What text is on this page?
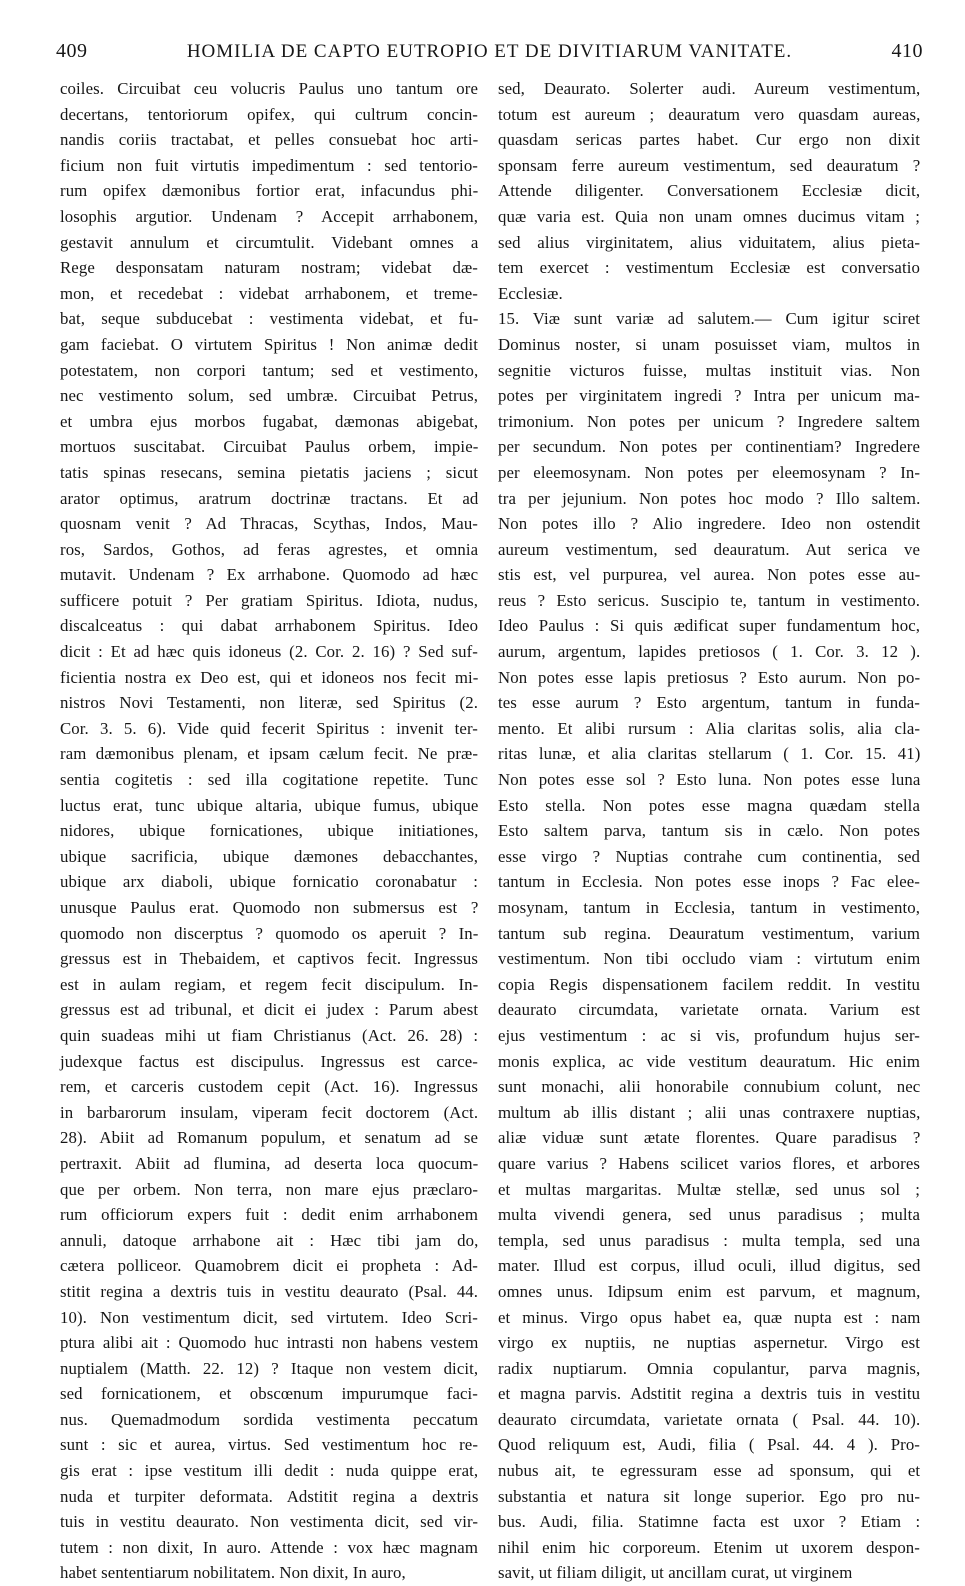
409	HOMILIA DE CAPTO EUTROPIO ET DE DIVITIARUM VANITATE.	410
coiles. Circuibat ceu volucris Paulus uno tantum ore
decertans, tentoriorum opifex, qui cultrum concin-
nandis coriis tractabat, et pelles consuebat hoc arti-
ficium non fuit virtutis impedimentum : sed tentorio-
rum opifex dæmonibus fortior erat, infacundus phi-
losophis argutior. Undenam ? Accepit arrhabonem,
gestavit annulum et circumtulit. Videbant omnes a
Rege desponsatam naturam nostram; videbat dæ-
mon, et recedebat : videbat arrhabonem, et treme-
bat, seque subducebat : vestimenta videbat, et fu-
gam faciebat. O virtutem Spiritus ! Non animæ dedit
potestatem, non corpori tantum; sed et vestimento,
nec vestimento solum, sed umbræ. Circuibat Petrus,
et umbra ejus morbos fugabat, dæmonas abigebat,
mortuos suscitabat. Circuibat Paulus orbem, impie-
tatis spinas resecans, semina pietatis jaciens ; sicut
arator optimus, aratrum doctrinæ tractans. Et ad
quosnam venit ? Ad Thracas, Scythas, Indos, Mau-
ros, Sardos, Gothos, ad feras agrestes, et omnia
mutavit. Undenam ? Ex arrhabone. Quomodo ad hæc
sufficere potuit ? Per gratiam Spiritus. Idiota, nudus,
discalceatus : qui dabat arrhabonem Spiritus. Ideo
dicit : Et ad hæc quis idoneus (2. Cor. 2. 16) ? Sed suf-
ficientia nostra ex Deo est, qui et idoneos nos fecit mi-
nistros Novi Testamenti, non literæ, sed Spiritus (2.
Cor. 3. 5. 6). Vide quid fecerit Spiritus : invenit ter-
ram dæmonibus plenam, et ipsam cælum fecit. Ne præ-
sentia cogitetis : sed illa cogitatione repetite. Tunc
luctus erat, tunc ubique altaria, ubique fumus, ubique
nidores, ubique fornicationes, ubique initiationes,
ubique sacrificia, ubique dæmones debacchantes,
ubique arx diaboli, ubique fornicatio coronabatur :
unusque Paulus erat. Quomodo non submersus est ?
quomodo non discerptus ? quomodo os aperuit ? In-
gressus est in Thebaidem, et captivos fecit. Ingressus
est in aulam regiam, et regem fecit discipulum. In-
gressus est ad tribunal, et dicit ei judex : Parum abest
quin suadeas mihi ut fiam Christianus (Act. 26. 28) :
judexque factus est discipulus. Ingressus est carce-
rem, et carceris custodem cepit (Act. 16). Ingressus
in barbarorum insulam, viperam fecit doctorem (Act.
28). Abiit ad Romanum populum, et senatum ad se
pertraxit. Abiit ad flumina, ad deserta loca quocum-
que per orbem. Non terra, non mare ejus præclaro-
rum officiorum expers fuit : dedit enim arrhabonem
annuli, datoque arrhabone ait : Hæc tibi jam do,
cætera polliceor. Quamobrem dicit ei propheta : Ad-
stitit regina a dextris tuis in vestitu deaurato (Psal. 44.
10). Non vestimentum dicit, sed virtutem. Ideo Scri-
ptura alibi ait : Quomodo huc intrasti non habens vestem
nuptialem (Matth. 22. 12) ? Itaque non vestem dicit,
sed fornicationem, et obscœnum impurumque faci-
nus. Quemadmodum sordida vestimenta peccatum
sunt : sic et aurea, virtus. Sed vestimentum hoc re-
gis erat : ipse vestitum illi dedit : nuda quippe erat,
nuda et turpiter deformata. Adstitit regina a dextris
tuis in vestitu deaurato. Non vestimenta dicit, sed vir-
tutem : non dixit, In auro. Attende : vox hæc magnam
habet sententiarum nobilitatem. Non dixit, In auro,
sed, Deaurato. Solerter audi. Aureum vestimentum,
totum est aureum ; deauratum vero quasdam aureas,
quasdam sericas partes habet. Cur ergo non dixit
sponsam ferre aureum vestimentum, sed deauratum ?
Attende diligenter. Conversationem Ecclesiæ dicit,
quæ varia est. Quia non unam omnes ducimus vitam ;
sed alius virginitatem, alius viduitatem, alius pieta-
tem exercet : vestimentum Ecclesiæ est conversatio
Ecclesiæ.
15. Viæ sunt variæ ad salutem.— Cum igitur sciret
Dominus noster, si unam posuisset viam, multos in
segnitie victuros fuisse, multas instituit vias. Non
potes per virginitatem ingredi ? Intra per unicum ma-
trimonium. Non potes per unicum ? Ingredere saltem
per secundum. Non potes per continentiam? Ingredere
per eleemosynam. Non potes per eleemosynam ? In-
tra per jejunium. Non potes hoc modo ? Illo saltem.
Non potes illo ? Alio ingredere. Ideo non ostendit
aureum vestimentum, sed deauratum. Aut serica ve
stis est, vel purpurea, vel aurea. Non potes esse au-
reus ? Esto sericus. Suscipio te, tantum in vestimento.
Ideo Paulus : Si quis ædificat super fundamentum hoc,
aurum, argentum, lapides pretiosos ( 1. Cor. 3. 12 ).
Non potes esse lapis pretiosus ? Esto aurum. Non po-
tes esse aurum ? Esto argentum, tantum in funda-
mento. Et alibi rursum : Alia claritas solis, alia cla-
ritas lunæ, et alia claritas stellarum ( 1. Cor. 15. 41)
Non potes esse sol ? Esto luna. Non potes esse luna
Esto stella. Non potes esse magna quædam stella
Esto saltem parva, tantum sis in cælo. Non potes
esse virgo ? Nuptias contrahe cum continentia, sed
tantum in Ecclesia. Non potes esse inops ? Fac elee-
mosynam, tantum in Ecclesia, tantum in vestimento,
tantum sub regina. Deauratum vestimentum, varium
vestimentum. Non tibi occludo viam : virtutum enim
copia Regis dispensationem facilem reddit. In vestitu
deaurato circumdata, varietate ornata. Varium est
ejus vestimentum : ac si vis, profundum hujus ser-
monis explica, ac vide vestitum deauratum. Hic enim
sunt monachi, alii honorabile connubium colunt, nec
multum ab illis distant ; alii unas contraxere nuptias,
aliæ viduæ sunt ætate florentes. Quare paradisus ?
quare varius ? Habens scilicet varios flores, et arbores
et multas margaritas. Multæ stellæ, sed unus sol ;
multa vivendi genera, sed unus paradisus ; multa
templa, sed unus paradisus : multa templa, sed una
mater. Illud est corpus, illud oculi, illud digitus, sed
omnes unus. Idipsum enim est parvum, et magnum,
et minus. Virgo opus habet ea, quæ nupta est : nam
virgo ex nuptiis, ne nuptias aspernetur. Virgo est
radix nuptiarum. Omnia copulantur, parva magnis,
et magna parvis. Adstitit regina a dextris tuis in vestitu
deaurato circumdata, varietate ornata ( Psal. 44. 10).
Quod reliquum est, Audi, filia ( Psal. 44. 4 ). Pro-
nubus ait, te egressuram esse ad sponsum, qui et
substantia et natura sit longe superior. Ego pro nu-
bus. Audi, filia. Statimne facta est uxor ? Etiam :
nihil enim hic corporeum. Etenim ut uxorem despon-
savit, ut filiam diligit, ut ancillam curat, ut virginem
